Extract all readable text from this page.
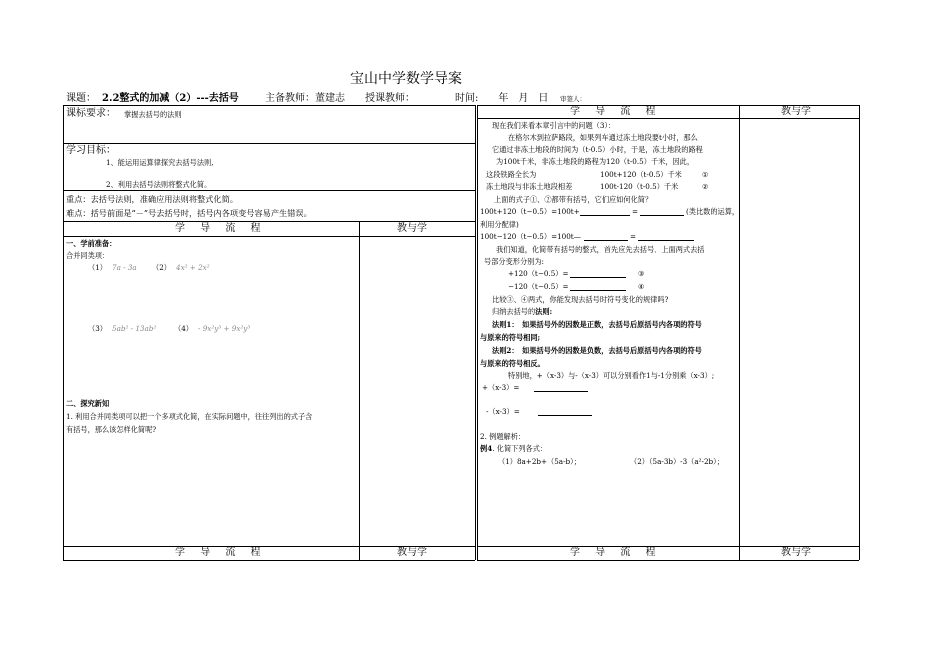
宝山中学数学导案
课题： 2.2整式的加减（2）---去括号	主备教师：董建志 授课教师：	时间:　　年　月　日 审签人：
课标要求： 掌握去括号的法则
学习目标：
1、能运用运算律探究去括号法则,
2、利用去括号法则将整式化简。
重点：去括号法则，准确应用法则将整式化简。
难点：括号前面是“－”号去括号时，括号内各项变号容易产生错误。
学 导 流 程	教与学
一、学前准备：
合并同类项：
（1） 7a - 3a （2） 4x² + 2x²
（3） 5ab² - 13ab² （4） - 9x²y³ + 9x²y³
二、探究新知
1. 利用合并同类项可以把一个多项式化简，在实际问题中，往往列出的式子含
有括号，那么该怎样化简呢?
学 导 流 程	教与学
学 导 流 程	教与学
现在我们来看本章引言中的问题（3）：
在格尔木到拉萨路段，如果列车通过冻土地段要t小时，那么
它通过非冻土地段的时间为（t-0.5）小时，于是，冻土地段的路程
为100t千米，非冻土地段的路程为120（t-0.5）千米，因此，
这段铁路全长为	100t+120（t-0.5）千米	①
冻土地段与非冻土地段相差	100t-120（t-0.5）千米	②
上面的式子①、②都带有括号，它们应如何化简？
100t+120（t−0.5）=100t+	=	(类比数的运算，
利用分配律)
100t−120（t−0.5）=100t—	=
我们知道，化简带有括号的整式，首先应先去括号．上面两式去括
号部分变形分别为:
+120（t−0.5）=	③
−120（t−0.5）=	④
比较③、④两式，你能发现去括号时符号变化的规律吗?
归纳去括号的法则:
法则1：　如果括号外的因数是正数，去括号后原括号内各项的符号
与原来的符号相同;
法则2：　如果括号外的因数是负数，去括号后原括号内各项的符号
与原来的符号相反。
特别地，+（x-3）与-（x-3）可以分别看作1与-1分别乘（x-3）;
+（x-3）=
-（x-3）=
2. 例题解析：
例4. 化简下列各式：
（1）8a+2b+（5a-b）；	（2）（5a-3b）-3（a²-2b）；
学 导 流 程	教与学
